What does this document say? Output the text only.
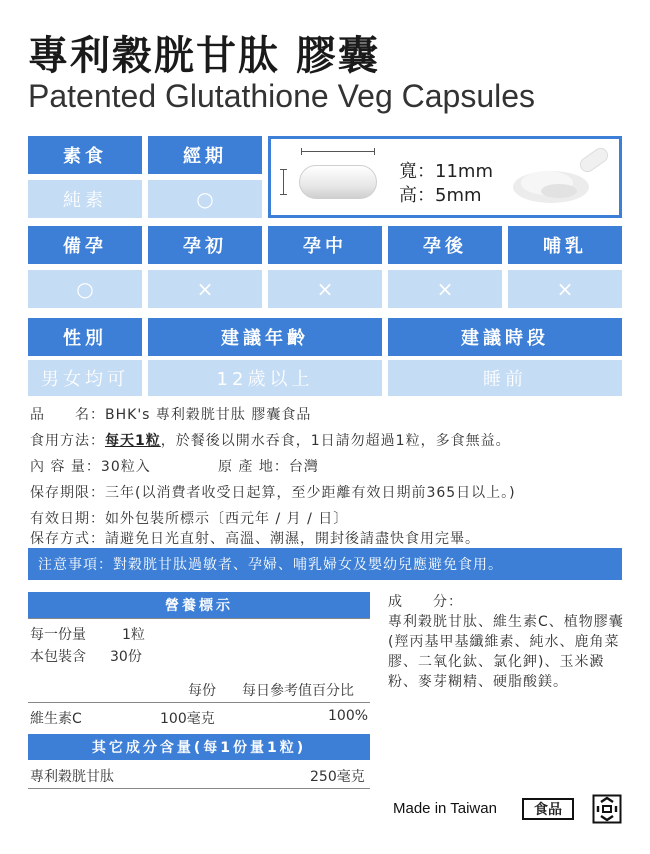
專利穀胱甘肽 膠囊
Patented Glutathione Veg Capsules
素食	經期
純素	○
寬：11mm
高：5mm
備孕	孕初	孕中	孕後	哺乳
○	×	×	×	×
性別	建議年齡	建議時段
男女均可	12歲以上	睡前
品　　名：BHK's 專利穀胱甘肽 膠囊食品
食用方法：每天1粒，於餐後以開水吞食，1日請勿超過1粒，多食無益。
內 容 量：30粒入	原 產 地：台灣
保存期限：三年(以消費者收受日起算，至少距離有效日期前365日以上。)
有效日期：如外包裝所標示〔西元年 / 月 / 日〕
保存方式：請避免日光直射、高溫、潮濕，開封後請盡快食用完畢。
注意事項：對穀胱甘肽過敏者、孕婦、哺乳婦女及嬰幼兒應避免食用。
營養標示
每一份量	1粒
本包裝含 30份
每份 每日參考值百分比
維生素C	100毫克	100%
其它成分含量(每1份量1粒)
專利穀胱甘肽	250毫克
成　　分：
專利穀胱甘肽、維生素C、植物膠囊(羥丙基甲基纖維素、純水、鹿角菜膠、二氧化鈦、氯化鉀)、玉米澱粉、麥芽糊精、硬脂酸鎂。
Made in Taiwan	食品
